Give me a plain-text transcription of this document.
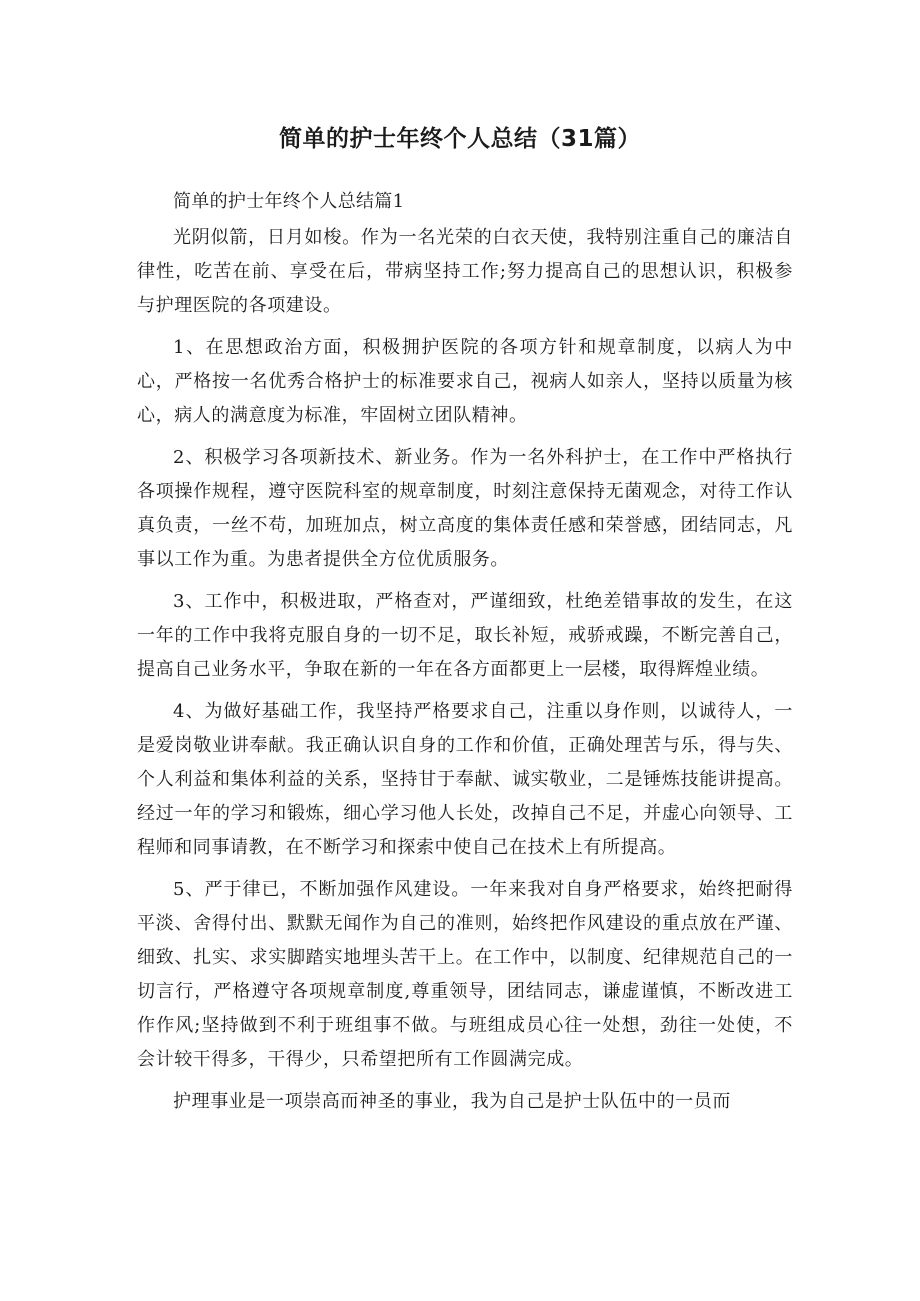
简单的护士年终个人总结（31篇）

简单的护士年终个人总结篇1

光阴似箭，日月如梭。作为一名光荣的白衣天使，我特别注重自己的廉洁自律性，吃苦在前、享受在后，带病坚持工作;努力提高自己的思想认识，积极参与护理医院的各项建设。

1、在思想政治方面，积极拥护医院的各项方针和规章制度，以病人为中心，严格按一名优秀合格护士的标准要求自己，视病人如亲人，坚持以质量为核心，病人的满意度为标准，牢固树立团队精神。

2、积极学习各项新技术、新业务。作为一名外科护士，在工作中严格执行各项操作规程，遵守医院科室的规章制度，时刻注意保持无菌观念，对待工作认真负责，一丝不苟，加班加点，树立高度的集体责任感和荣誉感，团结同志，凡事以工作为重。为患者提供全方位优质服务。

3、工作中，积极进取，严格查对，严谨细致，杜绝差错事故的发生，在这一年的工作中我将克服自身的一切不足，取长补短，戒骄戒躁，不断完善自己，提高自己业务水平，争取在新的一年在各方面都更上一层楼，取得辉煌业绩。

4、为做好基础工作，我坚持严格要求自己，注重以身作则，以诚待人，一是爱岗敬业讲奉献。我正确认识自身的工作和价值，正确处理苦与乐，得与失、个人利益和集体利益的关系，坚持甘于奉献、诚实敬业，二是锤炼技能讲提高。经过一年的学习和锻炼，细心学习他人长处，改掉自己不足，并虚心向领导、工程师和同事请教，在不断学习和探索中使自己在技术上有所提高。

5、严于律已，不断加强作风建设。一年来我对自身严格要求，始终把耐得平淡、舍得付出、默默无闻作为自己的准则，始终把作风建设的重点放在严谨、细致、扎实、求实脚踏实地埋头苦干上。在工作中，以制度、纪律规范自己的一切言行，严格遵守各项规章制度,尊重领导，团结同志，谦虚谨慎，不断改进工作作风;坚持做到不利于班组事不做。与班组成员心往一处想，劲往一处使，不会计较干得多，干得少，只希望把所有工作圆满完成。

护理事业是一项崇高而神圣的事业，我为自己是护士队伍中的一员而
